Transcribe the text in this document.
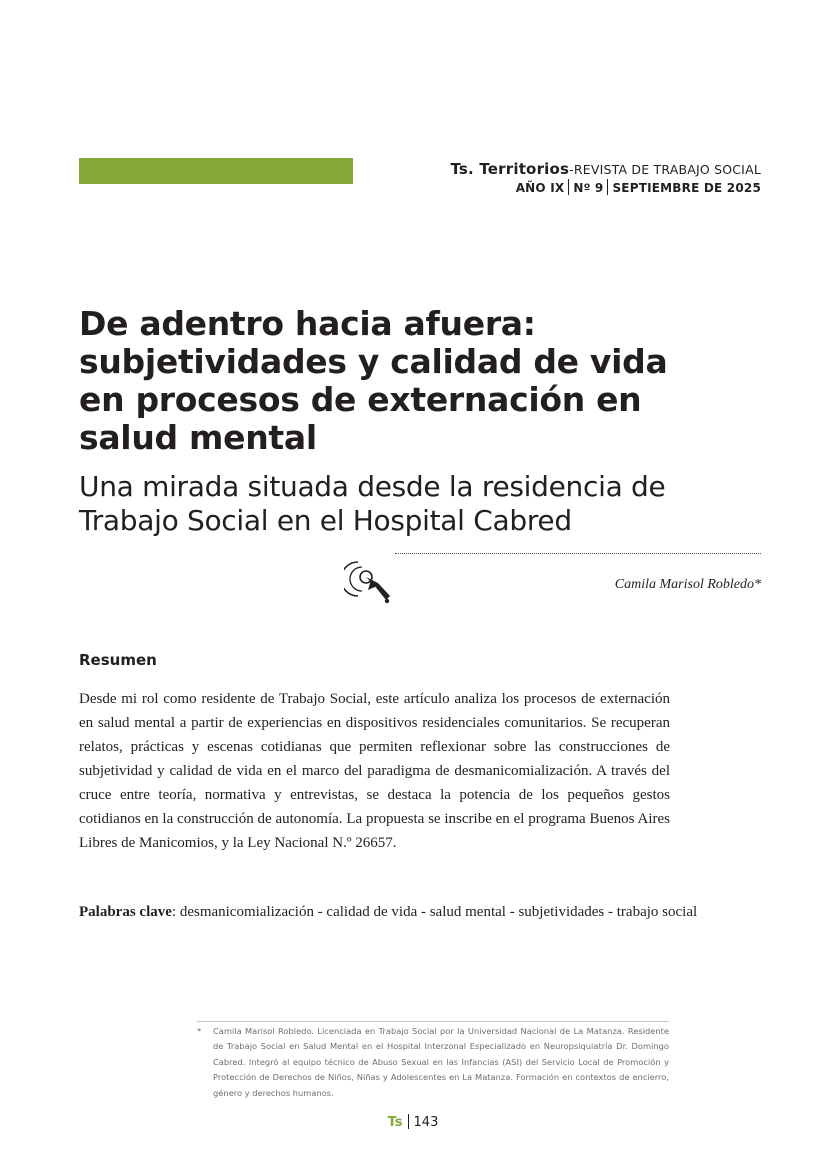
Ts. Territorios-REVISTA DE TRABAJO SOCIAL
AÑO IX Nº 9 SEPTIEMBRE DE 2025
De adentro hacia afuera: subjetividades y calidad de vida en procesos de externación en salud mental
Una mirada situada desde la residencia de Trabajo Social en el Hospital Cabred
Camila Marisol Robledo*
Resumen

Desde mi rol como residente de Trabajo Social, este artículo analiza los procesos de externación en salud mental a partir de experiencias en dispositivos residenciales comunitarios. Se recuperan relatos, prácticas y escenas cotidianas que permiten reflexionar sobre las construcciones de subjetividad y calidad de vida en el marco del paradigma de desmanicomialización. A través del cruce entre teoría, normativa y entrevistas, se destaca la potencia de los pequeños gestos cotidianos en la construcción de autonomía. La propuesta se inscribe en el programa Buenos Aires Libres de Manicomios, y la Ley Nacional N.º 26657.

Palabras clave: desmanicomialización - calidad de vida - salud mental - subjetividades - trabajo social

* Camila Marisol Robledo. Licenciada en Trabajo Social por la Universidad Nacional de La Matanza. Residente de Trabajo Social en Salud Mental en el Hospital Interzonal Especializado en Neuropsiquiatría Dr. Domingo Cabred. Integró al equipo técnico de Abuso Sexual en las Infancias (ASI) del Servicio Local de Promoción y Protección de Derechos de Niños, Niñas y Adolescentes en La Matanza. Formación en contextos de encierro, género y derechos humanos.
Ts 143
